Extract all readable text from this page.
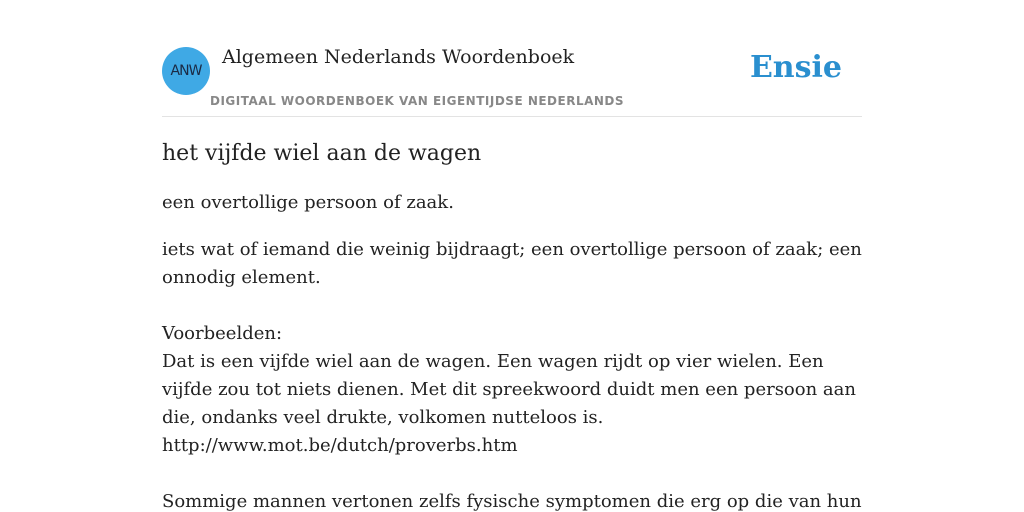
ANW
Algemeen Nederlands Woordenboek
DIGITAAL WOORDENBOEK VAN EIGENTIJDSE NEDERLANDS
Ensie
het vijfde wiel aan de wagen

een overtollige persoon of zaak.

iets wat of iemand die weinig bijdraagt; een overtollige persoon of zaak; een onnodig element.

Voorbeelden:

Dat is een vijfde wiel aan de wagen. Een wagen rijdt op vier wielen. Een vijfde zou tot niets dienen. Met dit spreekwoord duidt men een persoon aan die, ondanks veel drukte, volkomen nutteloos is.

http://www.mot.be/dutch/proverbs.htm

Sommige mannen vertonen zelfs fysische symptomen die erg op die van hun
